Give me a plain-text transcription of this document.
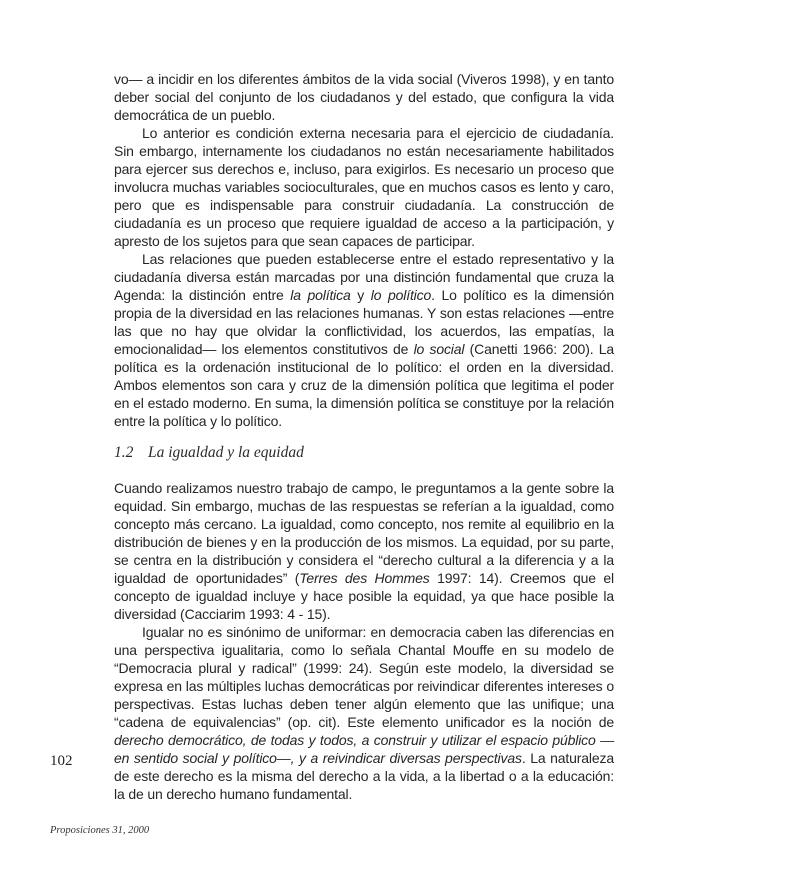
vo— a incidir en los diferentes ámbitos de la vida social (Viveros 1998), y en tanto deber social del conjunto de los ciudadanos y del estado, que configura la vida democrática de un pueblo.

Lo anterior es condición externa necesaria para el ejercicio de ciudadanía. Sin embargo, internamente los ciudadanos no están necesariamente habilitados para ejercer sus derechos e, incluso, para exigirlos. Es necesario un proceso que involucra muchas variables socioculturales, que en muchos casos es lento y caro, pero que es indispensable para construir ciudadanía. La construcción de ciudadanía es un proceso que requiere igualdad de acceso a la participación, y apresto de los sujetos para que sean capaces de participar.

Las relaciones que pueden establecerse entre el estado representativo y la ciudadanía diversa están marcadas por una distinción fundamental que cruza la Agenda: la distinción entre la política y lo político. Lo político es la dimensión propia de la diversidad en las relaciones humanas. Y son estas relaciones —entre las que no hay que olvidar la conflictividad, los acuerdos, las empatías, la emocionalidad— los elementos constitutivos de lo social (Canetti 1966: 200). La política es la ordenación institucional de lo político: el orden en la diversidad. Ambos elementos son cara y cruz de la dimensión política que legitima el poder en el estado moderno. En suma, la dimensión política se constituye por la relación entre la política y lo político.

1.2 La igualdad y la equidad

Cuando realizamos nuestro trabajo de campo, le preguntamos a la gente sobre la equidad. Sin embargo, muchas de las respuestas se referían a la igualdad, como concepto más cercano. La igualdad, como concepto, nos remite al equilibrio en la distribución de bienes y en la producción de los mismos. La equidad, por su parte, se centra en la distribución y considera el “derecho cultural a la diferencia y a la igualdad de oportunidades” (Terres des Hommes 1997: 14). Creemos que el concepto de igualdad incluye y hace posible la equidad, ya que hace posible la diversidad (Cacciarim 1993: 4 - 15).

Igualar no es sinónimo de uniformar: en democracia caben las diferencias en una perspectiva igualitaria, como lo señala Chantal Mouffe en su modelo de “Democracia plural y radical” (1999: 24). Según este modelo, la diversidad se expresa en las múltiples luchas democráticas por reivindicar diferentes intereses o perspectivas. Estas luchas deben tener algún elemento que las unifique; una “cadena de equivalencias” (op. cit). Este elemento unificador es la noción de derecho democrático, de todas y todos, a construir y utilizar el espacio público —en sentido social y político—, y a reivindicar diversas perspectivas. La naturaleza de este derecho es la misma del derecho a la vida, a la libertad o a la educación: la de un derecho humano fundamental.

102
Proposiciones 31, 2000
